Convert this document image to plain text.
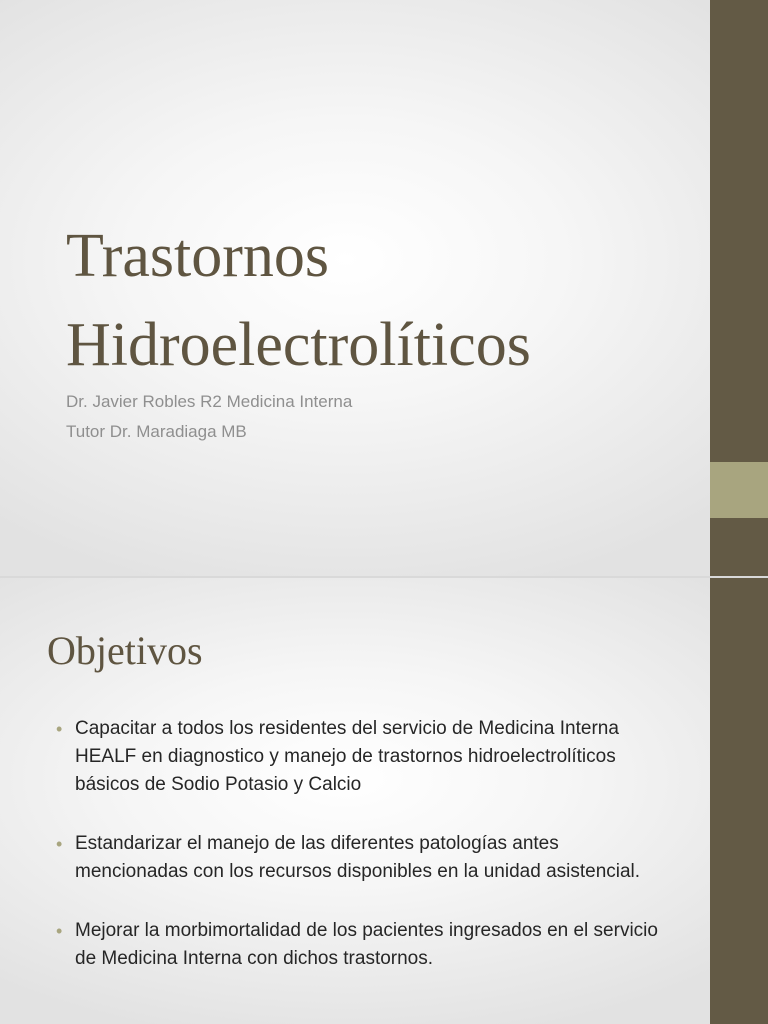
Trastornos Hidroelectrolíticos
Dr. Javier Robles R2 Medicina Interna
Tutor Dr. Maradiaga MB
Objetivos
• Capacitar a todos los residentes del servicio de Medicina Interna HEALF en diagnostico y manejo de trastornos hidroelectrolíticos básicos de Sodio Potasio y Calcio
• Estandarizar el manejo de las diferentes patologías antes mencionadas con los recursos disponibles en la unidad asistencial.
• Mejorar la morbimortalidad de los pacientes ingresados en el servicio de Medicina Interna con dichos trastornos.
